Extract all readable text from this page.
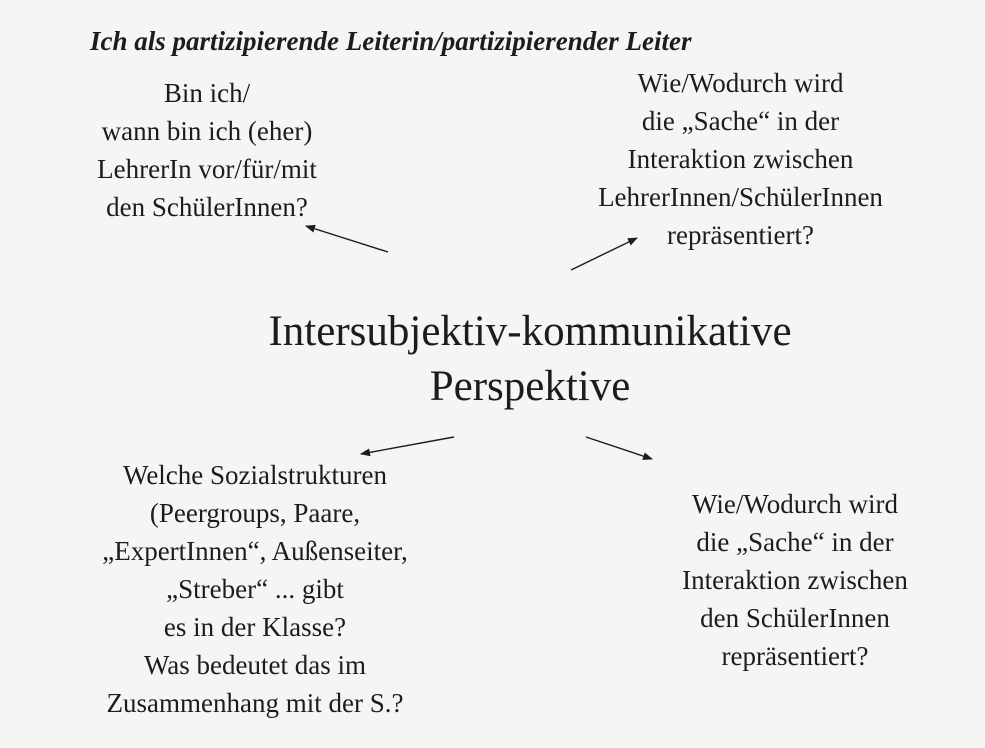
Ich als partizipierende Leiterin/partizipierender Leiter
Bin ich/
wann bin ich (eher)
LehrerIn vor/für/mit
den SchülerInnen?
Wie/Wodurch wird
die „Sache“ in der
Interaktion zwischen
LehrerInnen/SchülerInnen
repräsentiert?
Intersubjektiv-kommunikative
Perspektive
Welche Sozialstrukturen
(Peergroups, Paare,
„ExpertInnen“, Außenseiter,
„Streber“ ... gibt
es in der Klasse?
Was bedeutet das im
Zusammenhang mit der S.?
Wie/Wodurch wird
die „Sache“ in der
Interaktion zwischen
den SchülerInnen
repräsentiert?
